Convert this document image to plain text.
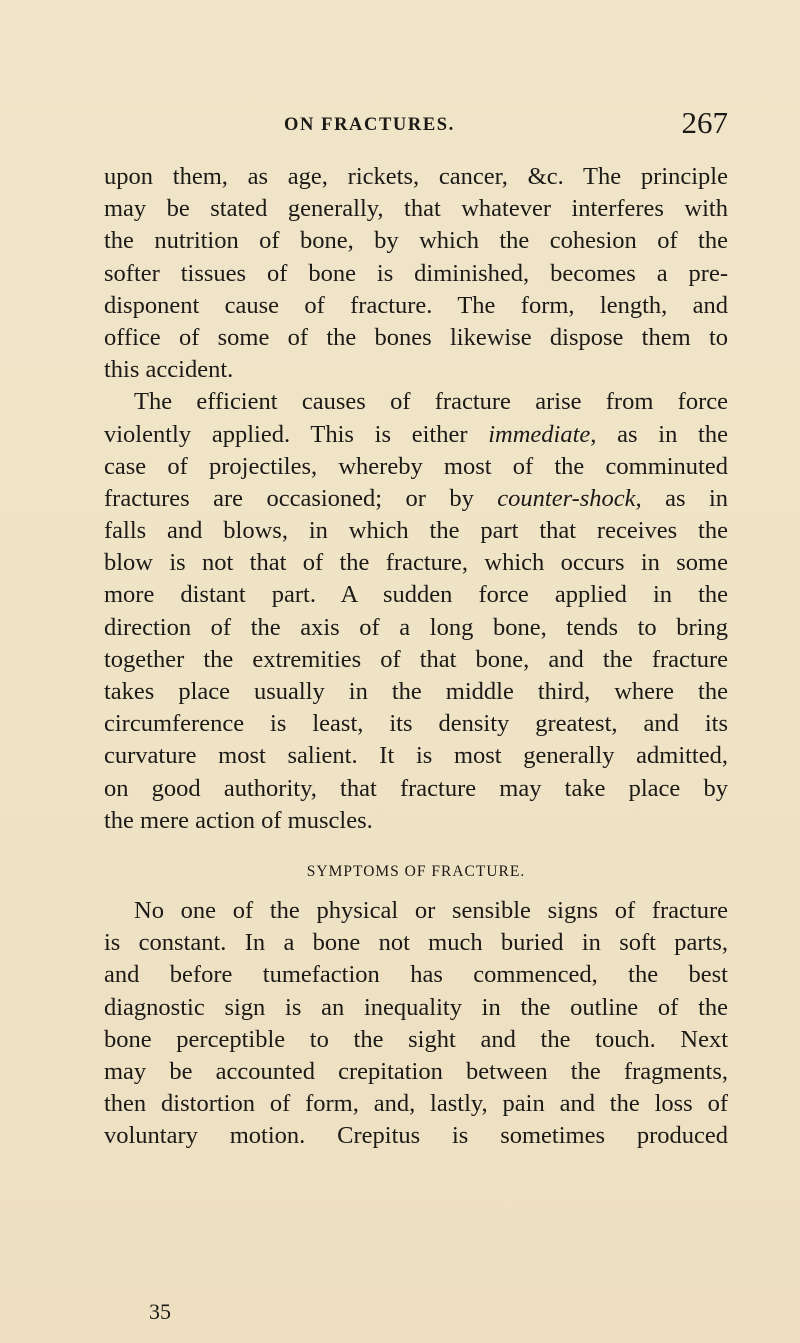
ON FRACTURES.	267
upon them, as age, rickets, cancer, &c. The principle
may be stated generally, that whatever interferes with
the nutrition of bone, by which the cohesion of the
softer tissues of bone is diminished, becomes a pre-
disponent cause of fracture. The form, length, and
office of some of the bones likewise dispose them to
this accident.
The efficient causes of fracture arise from force
violently applied. This is either immediate, as in the
case of projectiles, whereby most of the comminuted
fractures are occasioned; or by counter-shock, as in
falls and blows, in which the part that receives the
blow is not that of the fracture, which occurs in some
more distant part. A sudden force applied in the
direction of the axis of a long bone, tends to bring
together the extremities of that bone, and the fracture
takes place usually in the middle third, where the
circumference is least, its density greatest, and its
curvature most salient. It is most generally admitted,
on good authority, that fracture may take place by
the mere action of muscles.
SYMPTOMS OF FRACTURE.
No one of the physical or sensible signs of fracture
is constant. In a bone not much buried in soft parts,
and before tumefaction has commenced, the best
diagnostic sign is an inequality in the outline of the
bone perceptible to the sight and the touch. Next
may be accounted crepitation between the fragments,
then distortion of form, and, lastly, pain and the loss of
voluntary motion. Crepitus is sometimes produced
35
